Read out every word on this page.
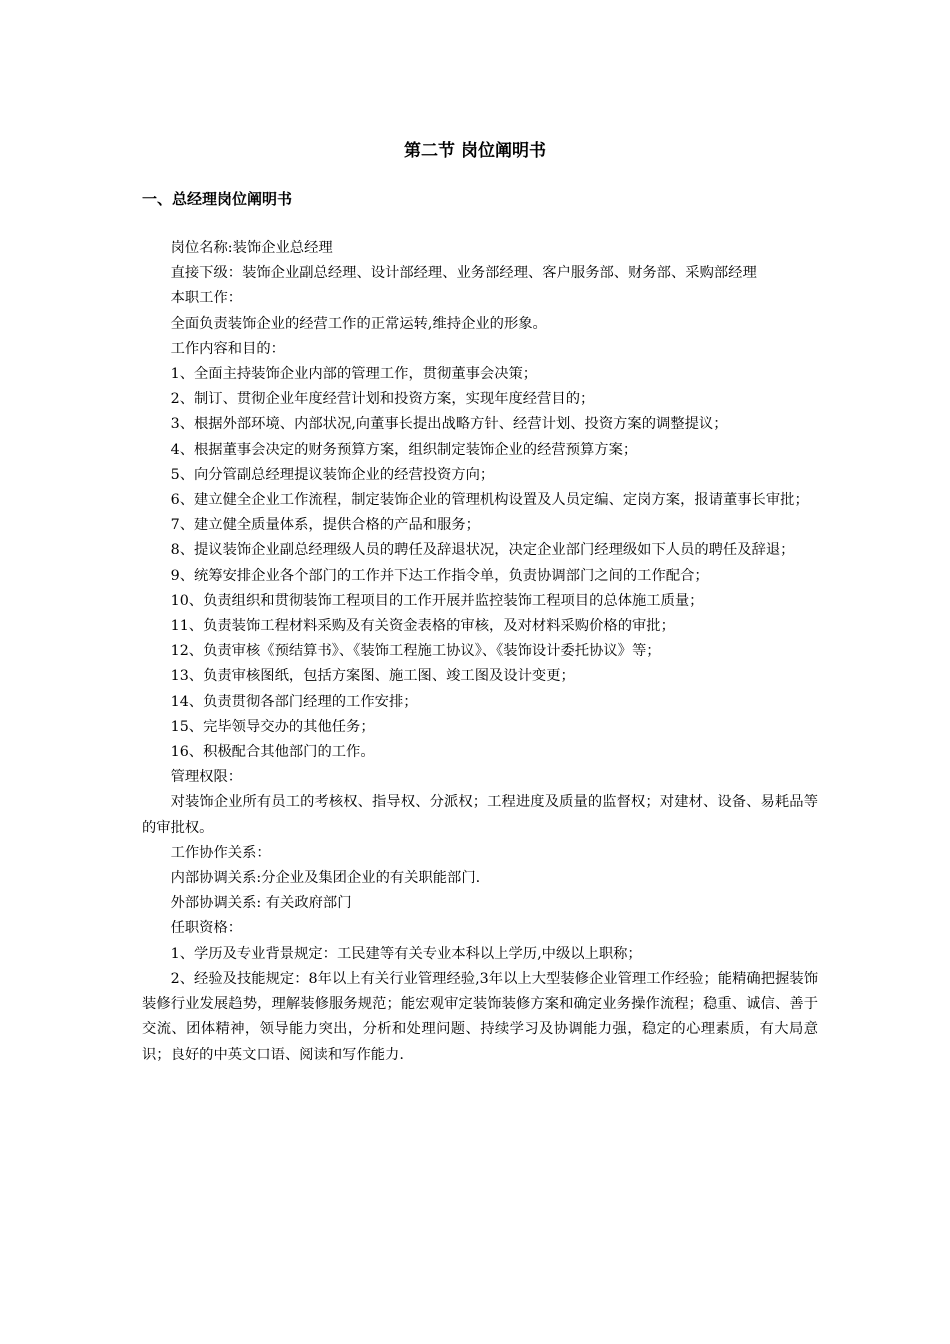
第二节 岗位阐明书
一、总经理岗位阐明书

岗位名称:装饰企业总经理

直接下级：装饰企业副总经理、设计部经理、业务部经理、客户服务部、财务部、采购部经理

本职工作：

全面负责装饰企业的经营工作的正常运转,维持企业的形象。

工作内容和目的：

1、全面主持装饰企业内部的管理工作，贯彻董事会决策；

2、制订、贯彻企业年度经营计划和投资方案，实现年度经营目的；

3、根据外部环境、内部状况,向董事长提出战略方针、经营计划、投资方案的调整提议；

4、根据董事会决定的财务预算方案，组织制定装饰企业的经营预算方案；

5、向分管副总经理提议装饰企业的经营投资方向；

6、建立健全企业工作流程，制定装饰企业的管理机构设置及人员定编、定岗方案，报请董事长审批；

7、建立健全质量体系，提供合格的产品和服务；

8、提议装饰企业副总经理级人员的聘任及辞退状况，决定企业部门经理级如下人员的聘任及辞退；

9、统筹安排企业各个部门的工作并下达工作指令单，负责协调部门之间的工作配合；

10、负责组织和贯彻装饰工程项目的工作开展并监控装饰工程项目的总体施工质量；

11、负责装饰工程材料采购及有关资金表格的审核，及对材料采购价格的审批；

12、负责审核《预结算书》、《装饰工程施工协议》、《装饰设计委托协议》等；

13、负责审核图纸，包括方案图、施工图、竣工图及设计变更；

14、负责贯彻各部门经理的工作安排；

15、完毕领导交办的其他任务；

16、积极配合其他部门的工作。

管理权限：

对装饰企业所有员工的考核权、指导权、分派权；工程进度及质量的监督权；对建材、设备、易耗品等的审批权。

工作协作关系：

内部协调关系:分企业及集团企业的有关职能部门.

外部协调关系: 有关政府部门

任职资格：

1、学历及专业背景规定：工民建等有关专业本科以上学历,中级以上职称；

2、经验及技能规定：8年以上有关行业管理经验,3年以上大型装修企业管理工作经验；能精确把握装饰装修行业发展趋势，理解装修服务规范；能宏观审定装饰装修方案和确定业务操作流程；稳重、诚信、善于交流、团体精神，领导能力突出，分析和处理问题、持续学习及协调能力强，稳定的心理素质，有大局意识；良好的中英文口语、阅读和写作能力.
